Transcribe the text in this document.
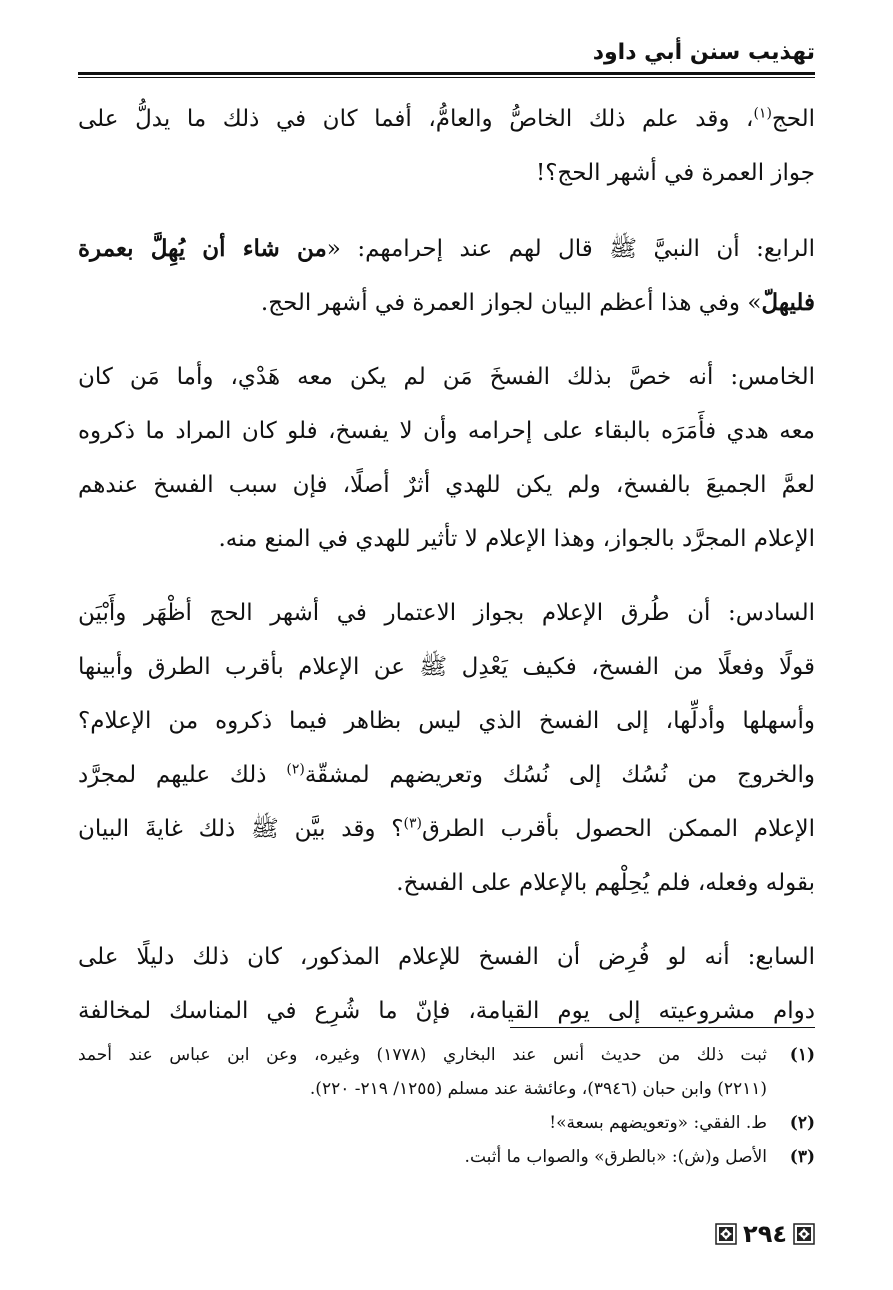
تهذيب سنن أبي داود

الحج$^{(١)}$، وقد علم ذلك الخاصُّ والعامُّ، أفما كان في ذلك ما يدلُّ على
جواز العمرة في أشهر الحج؟!

الرابع: أن النبيَّ ﷺ قال لهم عند إحرامهم: «من شاء أن يُهِلَّ بعمرة
فليهلّ» وفي هذا أعظم البيان لجواز العمرة في أشهر الحج.

الخامس: أنه خصَّ بذلك الفسخَ مَن لم يكن معه هَدْي، وأما مَن كان
معه هدي فأَمَرَه بالبقاء على إحرامه وأن لا يفسخ، فلو كان المراد ما ذكروه
لعمَّ الجميعَ بالفسخ، ولم يكن للهدي أثرٌ أصلًا، فإن سبب الفسخ عندهم
الإعلام المجرَّد بالجواز، وهذا الإعلام لا تأثير للهدي في المنع منه.

السادس: أن طُرق الإعلام بجواز الاعتمار في أشهر الحج أظْهَر وأَبْيَن
قولًا وفعلًا من الفسخ، فكيف يَعْدِل ﷺ عن الإعلام بأقرب الطرق وأبينها
وأسهلها وأدلِّها، إلى الفسخ الذي ليس بظاهر فيما ذكروه من الإعلام؟
والخروج من نُسُك إلى نُسُك وتعريضهم لمشقّة$^{(٢)}$ ذلك عليهم لمجرَّد
الإعلام الممكن الحصول بأقرب الطرق$^{(٣)}$؟ وقد بيَّن ﷺ ذلك غايةَ البيان
بقوله وفعله، فلم يُحِلْهم بالإعلام على الفسخ.

السابع: أنه لو فُرِض أن الفسخ للإعلام المذكور، كان ذلك دليلًا على
دوام مشروعيته إلى يوم القيامة، فإنّ ما شُرِع في المناسك لمخالفة

(١)
ثبت ذلك من حديث أنس عند البخاري (١٧٧٨) وغيره، وعن ابن عباس عند أحمد
(٢٢١١) وابن حبان (٣٩٤٦)، وعائشة عند مسلم (١٢٥٥/ ٢١٩- ٢٢٠).
(٢)
ط. الفقي: «وتعويضهم بسعة»!
(٣)
الأصل و(ش): «بالطرق» والصواب ما أثبت.
٢٩٤
